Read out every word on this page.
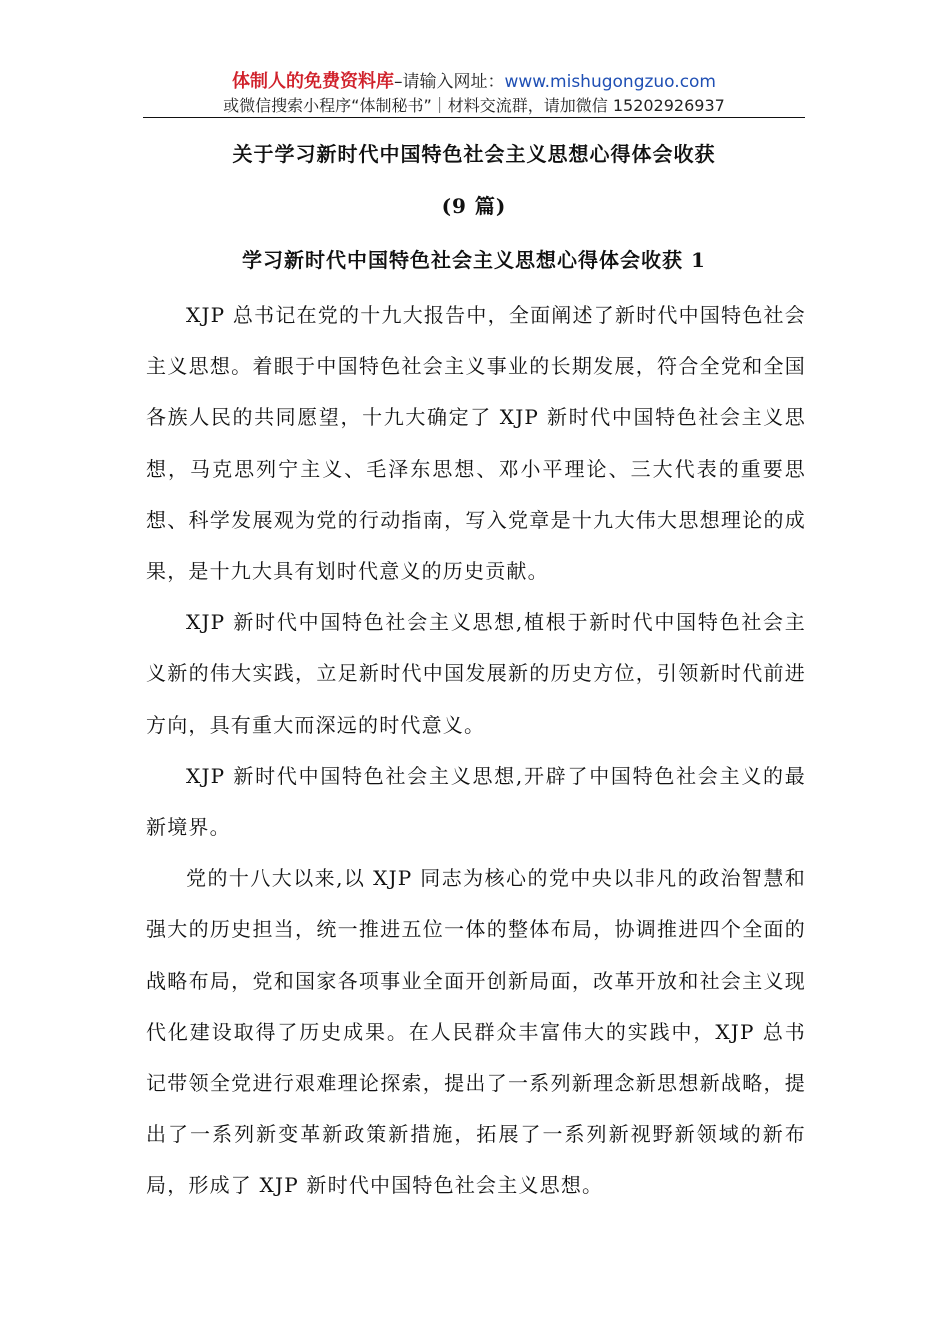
体制人的免费资料库–请输入网址：www.mishugongzuo.com
或微信搜索小程序“体制秘书”｜材料交流群，请加微信 15202926937
关于学习新时代中国特色社会主义思想心得体会收获
(9 篇)
学习新时代中国特色社会主义思想心得体会收获 1

XJP 总书记在党的十九大报告中，全面阐述了新时代中国特色社会主义思想。着眼于中国特色社会主义事业的长期发展，符合全党和全国各族人民的共同愿望，十九大确定了 XJP 新时代中国特色社会主义思想，马克思列宁主义、毛泽东思想、邓小平理论、三大代表的重要思想、科学发展观为党的行动指南，写入党章是十九大伟大思想理论的成果，是十九大具有划时代意义的历史贡献。

XJP 新时代中国特色社会主义思想,植根于新时代中国特色社会主义新的伟大实践，立足新时代中国发展新的历史方位，引领新时代前进方向，具有重大而深远的时代意义。

XJP 新时代中国特色社会主义思想,开辟了中国特色社会主义的最新境界。

党的十八大以来,以 XJP 同志为核心的党中央以非凡的政治智慧和强大的历史担当，统一推进五位一体的整体布局，协调推进四个全面的战略布局，党和国家各项事业全面开创新局面，改革开放和社会主义现代化建设取得了历史成果。在人民群众丰富伟大的实践中，XJP 总书记带领全党进行艰难理论探索，提出了一系列新理念新思想新战略，提出了一系列新变革新政策新措施，拓展了一系列新视野新领域的新布局，形成了 XJP 新时代中国特色社会主义思想。
